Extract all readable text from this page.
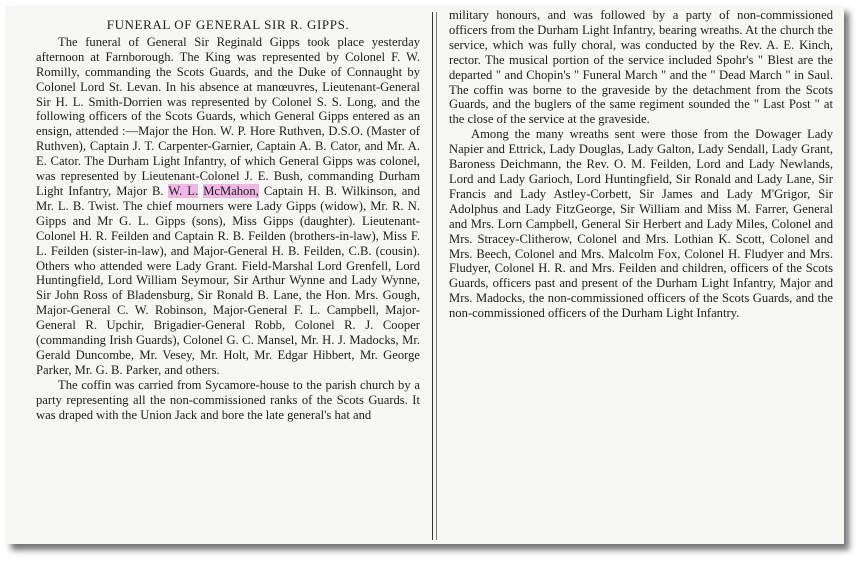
FUNERAL OF GENERAL SIR R. GIPPS.

The funeral of General Sir Reginald Gipps took place yesterday afternoon at Farnborough. The King was represented by Colonel F. W. Romilly, commanding the Scots Guards, and the Duke of Connaught by Colonel Lord St. Levan. In his absence at manœuvres, Lieutenant-General Sir H. L. Smith-Dorrien was represented by Colonel S. S. Long, and the following officers of the Scots Guards, which General Gipps entered as an ensign, attended :—Major the Hon. W. P. Hore Ruthven, D.S.O. (Master of Ruthven), Captain J. T. Carpenter-Garnier, Captain A. B. Cator, and Mr. A. E. Cator. The Durham Light Infantry, of which General Gipps was colonel, was represented by Lieutenant-Colonel J. E. Bush, commanding Durham Light Infantry, Major B. W. L. McMahon, Captain H. B. Wilkinson, and Mr. L. B. Twist. The chief mourners were Lady Gipps (widow), Mr. R. N. Gipps and Mr G. L. Gipps (sons), Miss Gipps (daughter). Lieutenant-Colonel H. R. Feilden and Captain R. B. Feilden (brothers-in-law), Miss F. L. Feilden (sister-in-law), and Major-General H. B. Feilden, C.B. (cousin). Others who attended were Lady Grant. Field-Marshal Lord Grenfell, Lord Huntingfield, Lord William Seymour, Sir Arthur Wynne and Lady Wynne, Sir John Ross of Bladensburg, Sir Ronald B. Lane, the Hon. Mrs. Gough, Major-General C. W. Robinson, Major-General F. L. Campbell, Major-General R. Upchir, Brigadier-General Robb, Colonel R. J. Cooper (commanding Irish Guards), Colonel G. C. Mansel, Mr. H. J. Madocks, Mr. Gerald Duncombe, Mr. Vesey, Mr. Holt, Mr. Edgar Hibbert, Mr. George Parker, Mr. G. B. Parker, and others.

The coffin was carried from Sycamore-house to the parish church by a party representing all the non-commissioned ranks of the Scots Guards. It was draped with the Union Jack and bore the late general's hat and

military honours, and was followed by a party of non-commissioned officers from the Durham Light Infantry, bearing wreaths. At the church the service, which was fully choral, was conducted by the Rev. A. E. Kinch, rector. The musical portion of the service included Spohr's " Blest are the departed " and Chopin's " Funeral March " and the " Dead March " in Saul. The coffin was borne to the graveside by the detachment from the Scots Guards, and the buglers of the same regiment sounded the " Last Post " at the close of the service at the graveside.

Among the many wreaths sent were those from the Dowager Lady Napier and Ettrick, Lady Douglas, Lady Galton, Lady Sendall, Lady Grant, Baroness Deichmann, the Rev. O. M. Feilden, Lord and Lady Newlands, Lord and Lady Garioch, Lord Huntingfield, Sir Ronald and Lady Lane, Sir Francis and Lady Astley-Corbett, Sir James and Lady M'Grigor, Sir Adolphus and Lady FitzGeorge, Sir William and Miss M. Farrer, General and Mrs. Lorn Campbell, General Sir Herbert and Lady Miles, Colonel and Mrs. Stracey-Clitherow, Colonel and Mrs. Lothian K. Scott, Colonel and Mrs. Beech, Colonel and Mrs. Malcolm Fox, Colonel H. Fludyer and Mrs. Fludyer, Colonel H. R. and Mrs. Feilden and children, officers of the Scots Guards, officers past and present of the Durham Light Infantry, Major and Mrs. Madocks, the non-commissioned officers of the Scots Guards, and the non-commissioned officers of the Durham Light Infantry.
